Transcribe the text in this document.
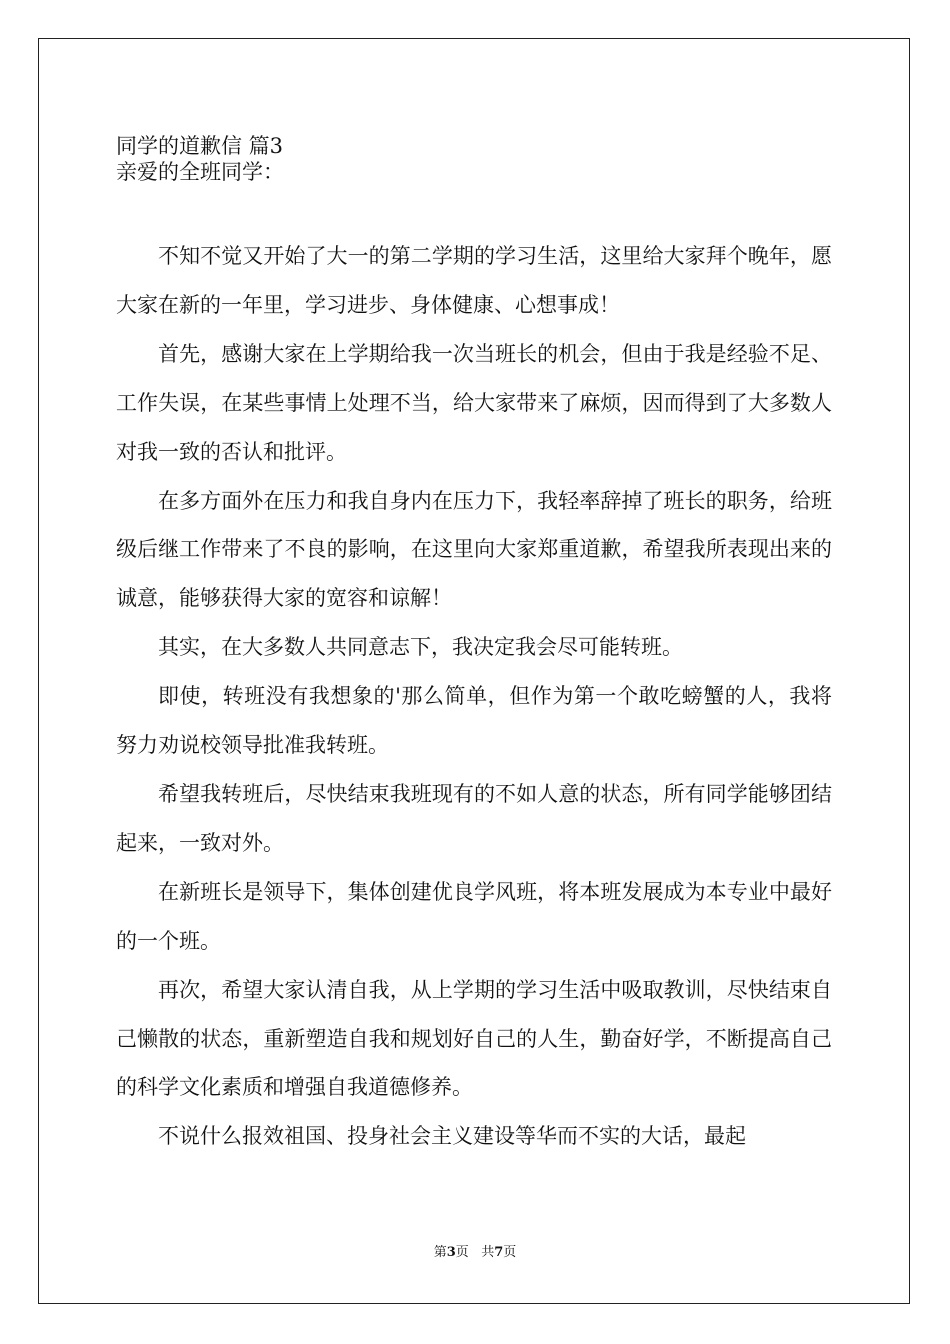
同学的道歉信 篇3
亲爱的全班同学：

不知不觉又开始了大一的第二学期的学习生活，这里给大家拜个晚年，愿大家在新的一年里，学习进步、身体健康、心想事成！

首先，感谢大家在上学期给我一次当班长的机会，但由于我是经验不足、工作失误，在某些事情上处理不当，给大家带来了麻烦，因而得到了大多数人对我一致的否认和批评。

在多方面外在压力和我自身内在压力下，我轻率辞掉了班长的职务，给班级后继工作带来了不良的影响，在这里向大家郑重道歉，希望我所表现出来的诚意，能够获得大家的宽容和谅解！

其实，在大多数人共同意志下，我决定我会尽可能转班。

即使，转班没有我想象的'那么简单，但作为第一个敢吃螃蟹的人，我将努力劝说校领导批准我转班。

希望我转班后，尽快结束我班现有的不如人意的状态，所有同学能够团结起来，一致对外。

在新班长是领导下，集体创建优良学风班，将本班发展成为本专业中最好的一个班。

再次，希望大家认清自我，从上学期的学习生活中吸取教训，尽快结束自己懒散的状态，重新塑造自我和规划好自己的人生，勤奋好学，不断提高自己的科学文化素质和增强自我道德修养。

不说什么报效祖国、投身社会主义建设等华而不实的大话，最起

第3页 共7页
